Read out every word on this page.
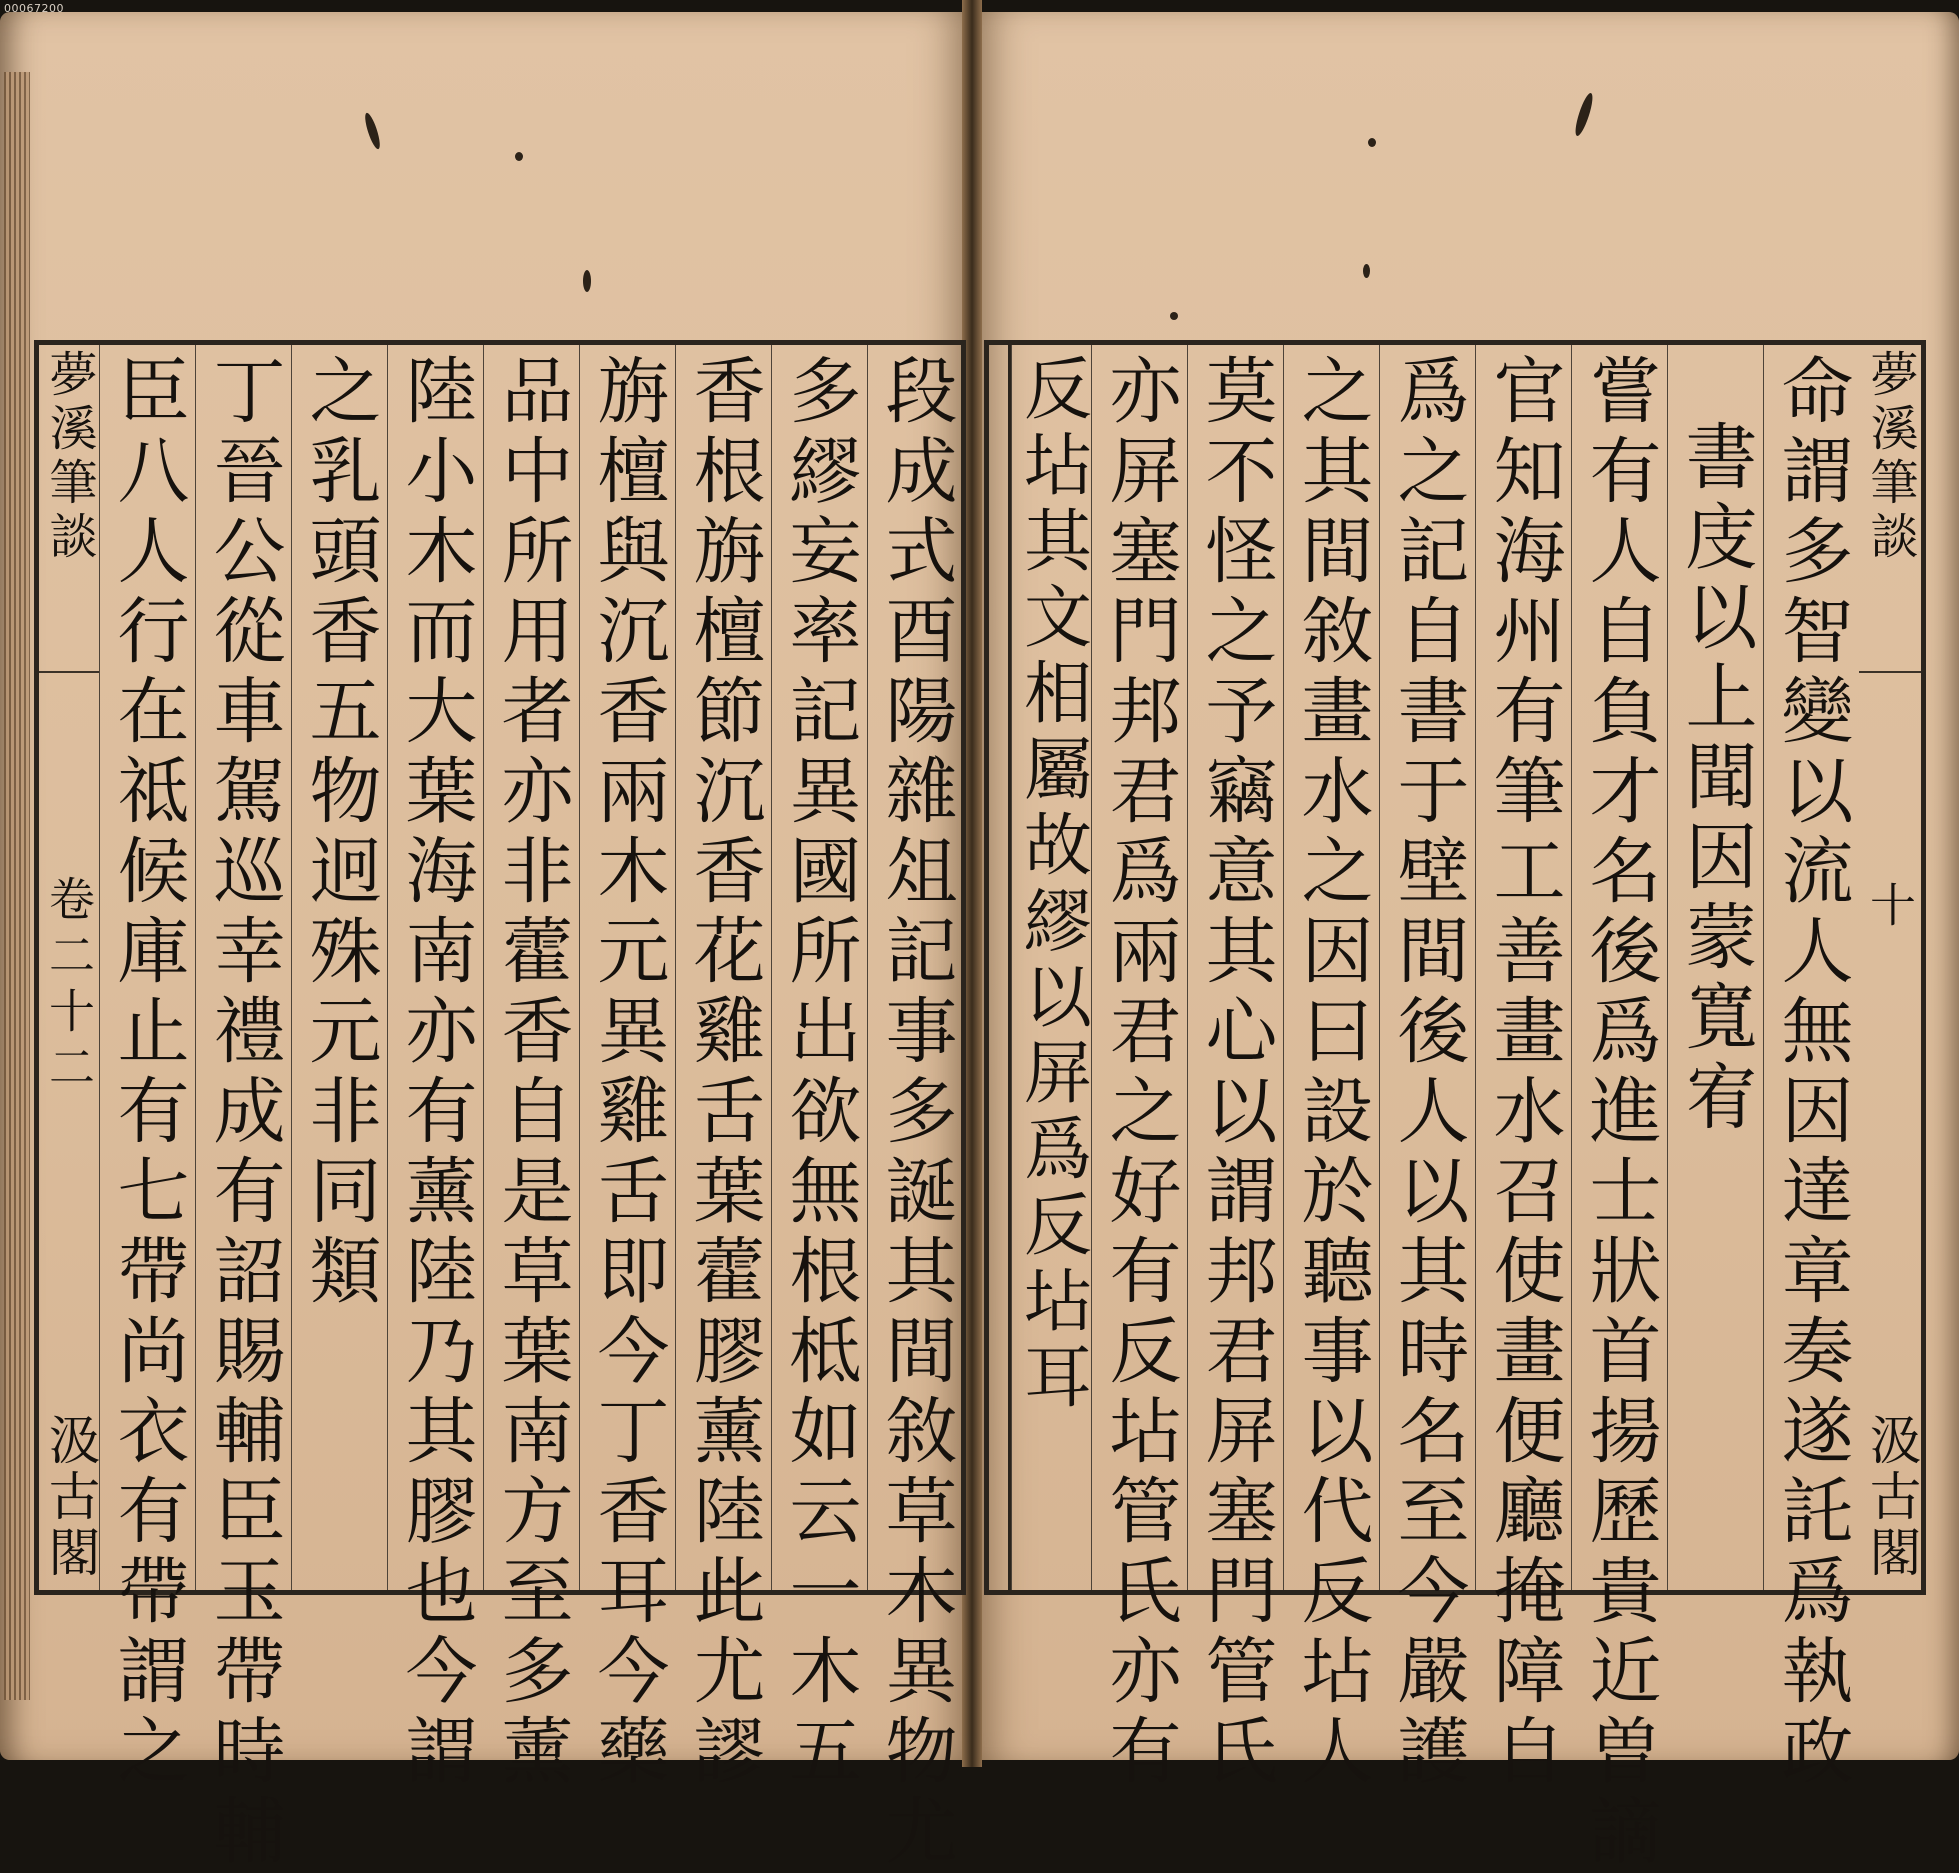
00067200
段成式酉陽雜俎記事多誕其間敘草木異物尤
多繆妄率記異國所出欲無根柢如云一木五
香根旃檀節沉香花雞舌葉藿膠薰陸此尤謬
旃檀與沉香兩木元異雞舌即今丁香耳今藥
品中所用者亦非藿香自是草葉南方至多薰
陸小木而大葉海南亦有薰陸乃其膠也今謂
之乳頭香五物迥殊元非同類
丁晉公從車駕巡幸禮成有詔賜輔臣玉帶時輔
臣八人行在祗候庫止有七帶尚衣有帶謂之
夢溪筆談
卷二十二
汲古閣
夢溪筆談
十
汲古閣
命謂多智變以流人無因達章奏遂託爲執政
書庋以上聞因蒙寬宥
嘗有人自負才名後爲進士狀首揚歷貴近曽謫
官知海州有筆工善畫水召使畫便廳掩障自
爲之記自書于壁間後人以其時名至今嚴護
之其間敘畫水之因曰設於聽事以代反坫人
莫不怪之予竊意其心以謂邦君屏塞門管氏
亦屏塞門邦君爲兩君之好有反坫管氏亦有
反坫其文相屬故繆以屏爲反坫耳
